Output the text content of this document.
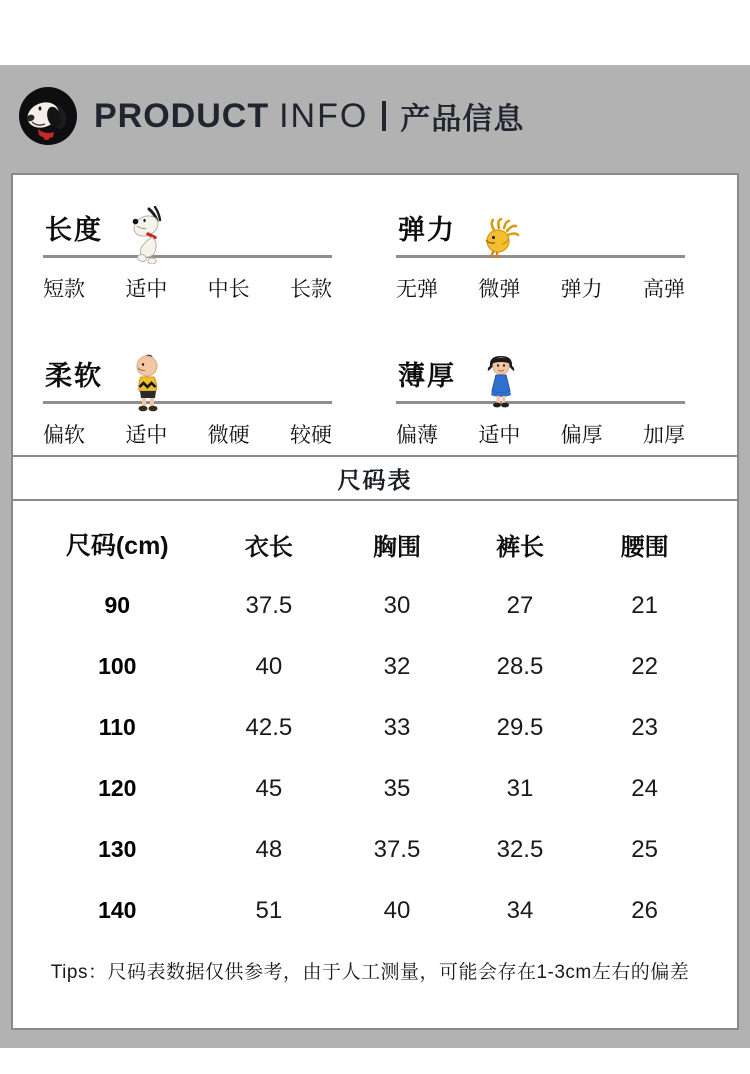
PRODUCT INFO 产品信息
长度
短款 适中 中长 长款
弹力
无弹 微弹 弹力 高弹
柔软
偏软 适中 微硬 较硬
薄厚
偏薄 适中 偏厚 加厚
尺码表
尺码(cm)	衣长	胸围	裤长	腰围
90	37.5	30	27	21
100	40	32	28.5	22
110	42.5	33	29.5	23
120	45	35	31	24
130	48	37.5	32.5	25
140	51	40	34	26
Tips：尺码表数据仅供参考，由于人工测量，可能会存在1-3cm左右的偏差
